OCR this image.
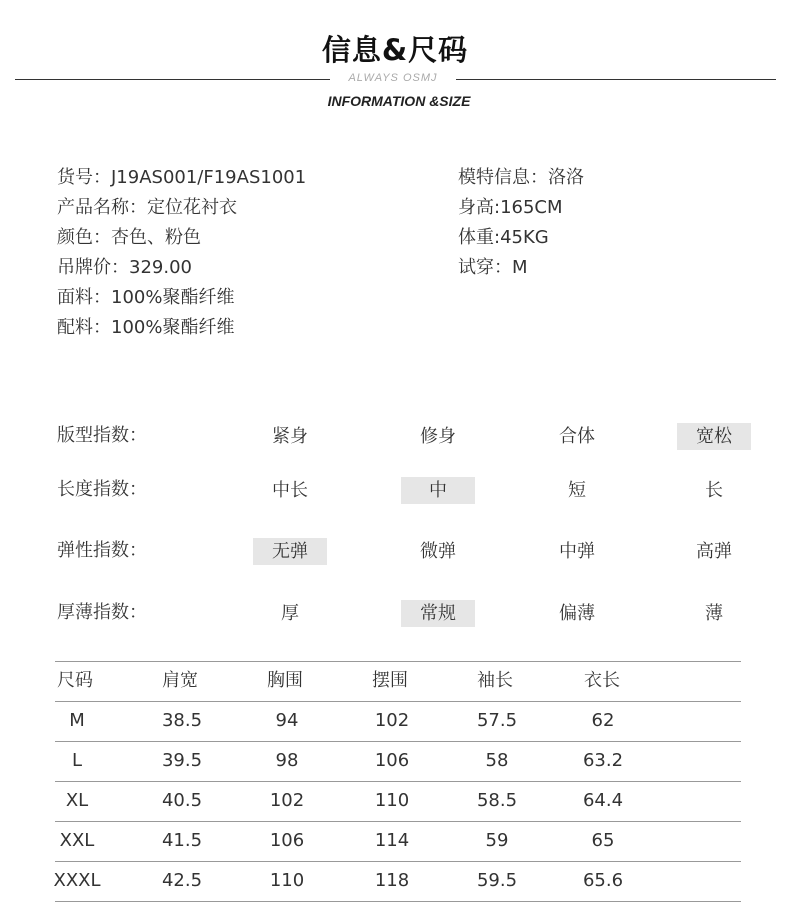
信息&尺码
ALWAYS OSMJ
INFORMATION &SIZE
货号：J19AS001/F19AS1001
产品名称：定位花衬衣
颜色：杏色、粉色
吊牌价：329.00
面料：100%聚酯纤维
配料：100%聚酯纤维
模特信息：洛洛
身高:165CM
体重:45KG
试穿：M
版型指数：	紧身	修身	合体	宽松
长度指数：	中长	中	短	长
弹性指数：	无弹	微弹	中弹	高弹
厚薄指数：	厚	常规	偏薄	薄
尺码	肩宽	胸围	摆围	袖长	衣长
M	38.5	94	102	57.5	62
L	39.5	98	106	58	63.2
XL	40.5	102	110	58.5	64.4
XXL	41.5	106	114	59	65
XXXL	42.5	110	118	59.5	65.6
